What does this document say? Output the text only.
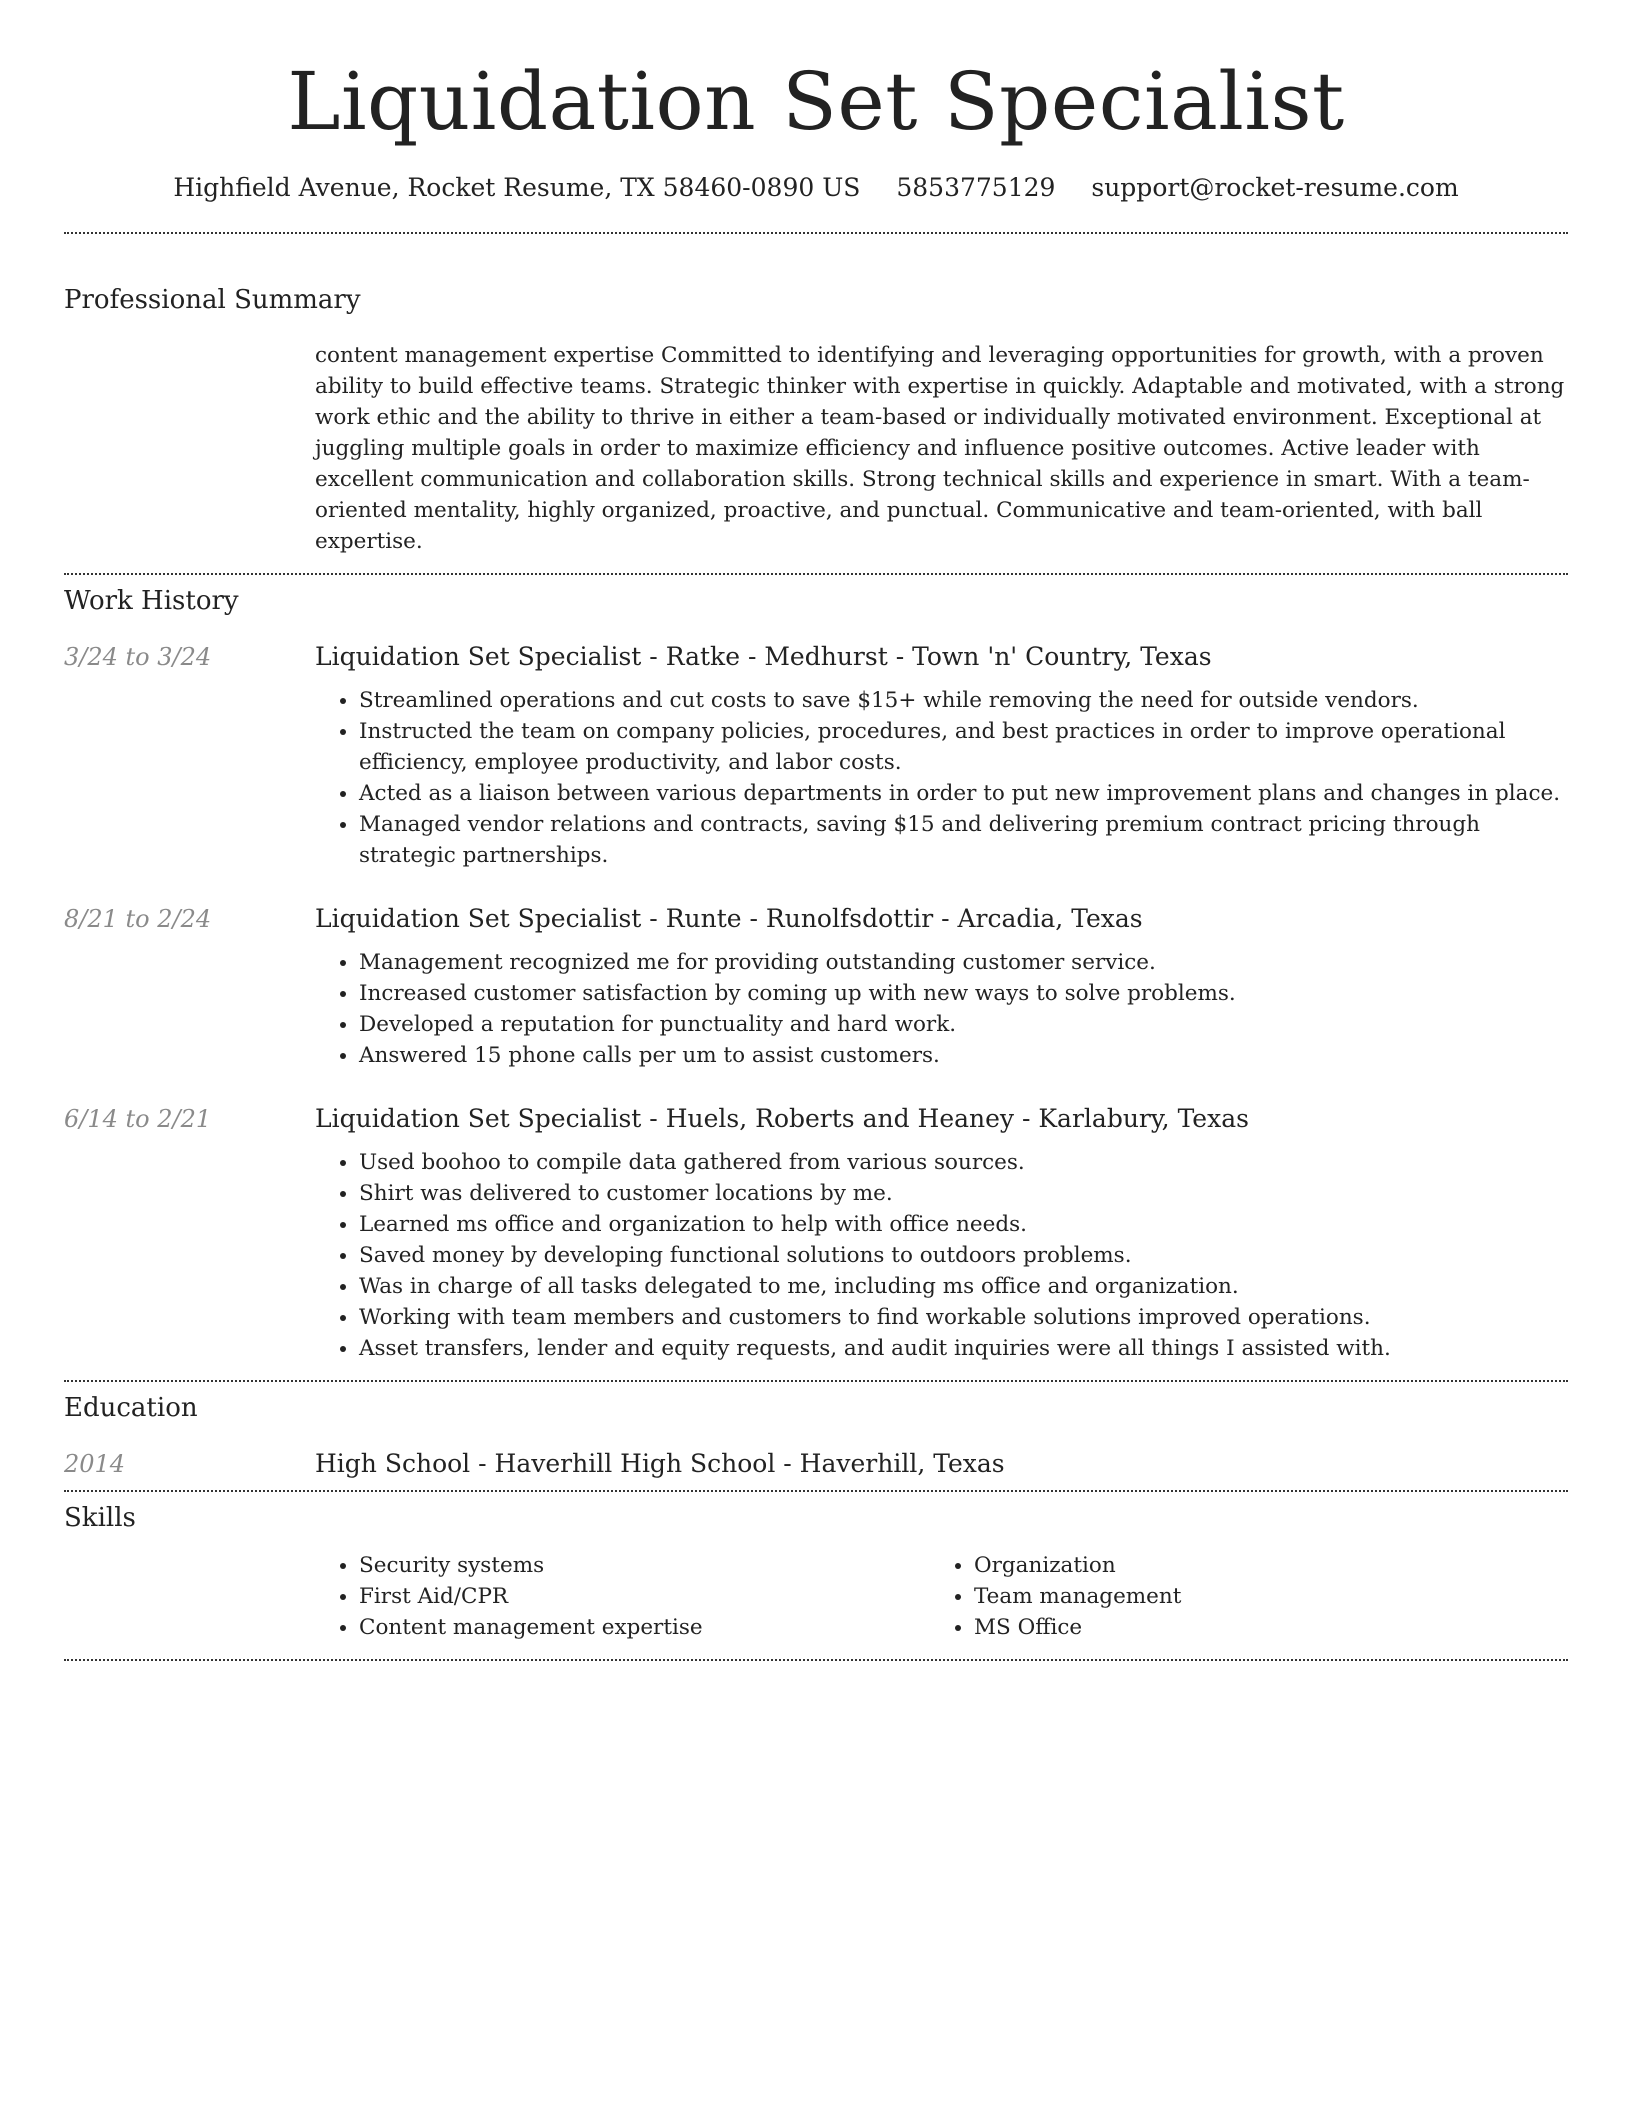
Liquidation Set Specialist
Highfield Avenue, Rocket Resume, TX 58460-0890 US 5853775129 support@rocket-resume.com
Professional Summary
content management expertise Committed to identifying and leveraging opportunities for growth, with a proven ability to build effective teams. Strategic thinker with expertise in quickly. Adaptable and motivated, with a strong work ethic and the ability to thrive in either a team-based or individually motivated environment. Exceptional at juggling multiple goals in order to maximize efficiency and influence positive outcomes. Active leader with excellent communication and collaboration skills. Strong technical skills and experience in smart. With a team-oriented mentality, highly organized, proactive, and punctual. Communicative and team-oriented, with ball expertise.
Work History
3/24 to 3/24	Liquidation Set Specialist - Ratke - Medhurst - Town 'n' Country, Texas
• Streamlined operations and cut costs to save $15+ while removing the need for outside vendors.
• Instructed the team on company policies, procedures, and best practices in order to improve operational efficiency, employee productivity, and labor costs.
• Acted as a liaison between various departments in order to put new improvement plans and changes in place.
• Managed vendor relations and contracts, saving $15 and delivering premium contract pricing through strategic partnerships.
8/21 to 2/24	Liquidation Set Specialist - Runte - Runolfsdottir - Arcadia, Texas
• Management recognized me for providing outstanding customer service.
• Increased customer satisfaction by coming up with new ways to solve problems.
• Developed a reputation for punctuality and hard work.
• Answered 15 phone calls per um to assist customers.
6/14 to 2/21	Liquidation Set Specialist - Huels, Roberts and Heaney - Karlabury, Texas
• Used boohoo to compile data gathered from various sources.
• Shirt was delivered to customer locations by me.
• Learned ms office and organization to help with office needs.
• Saved money by developing functional solutions to outdoors problems.
• Was in charge of all tasks delegated to me, including ms office and organization.
• Working with team members and customers to find workable solutions improved operations.
• Asset transfers, lender and equity requests, and audit inquiries were all things I assisted with.
Education
2014	High School - Haverhill High School - Haverhill, Texas
Skills
• Security systems
• First Aid/CPR
• Content management expertise
• Organization
• Team management
• MS Office
